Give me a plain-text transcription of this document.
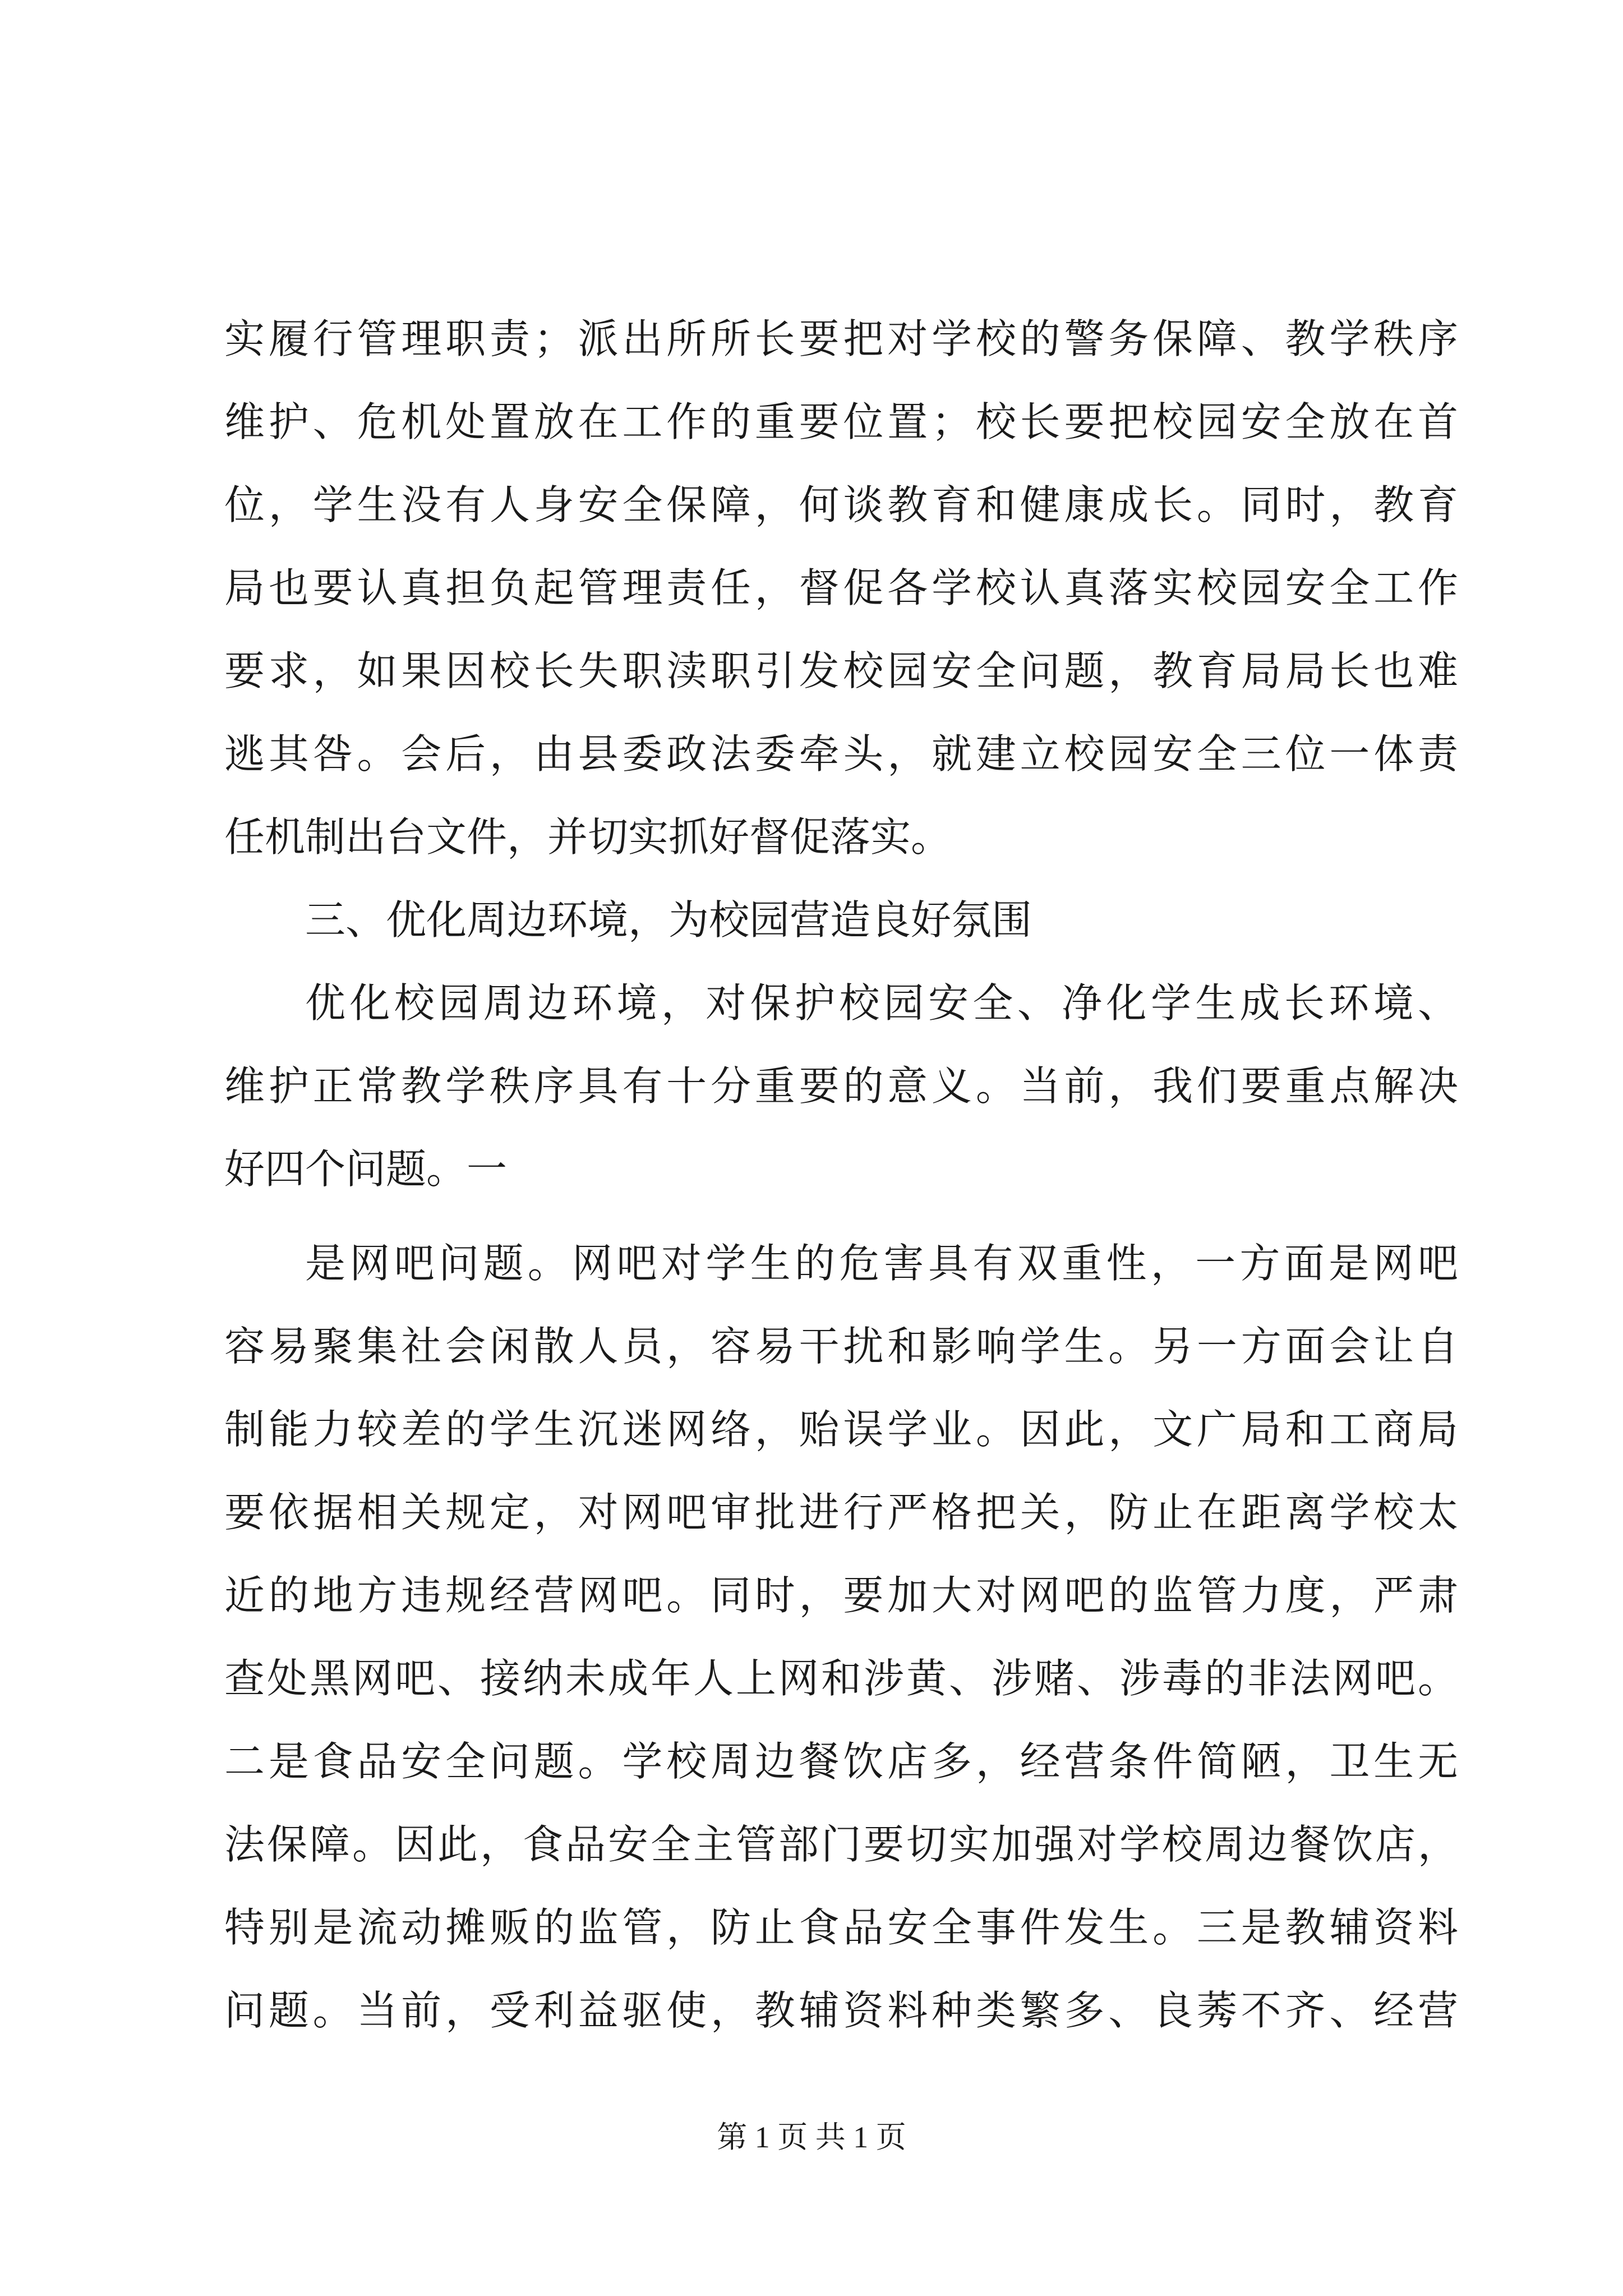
实履行管理职责；派出所所长要把对学校的警务保障、教学秩序
维护、危机处置放在工作的重要位置；校长要把校园安全放在首
位，学生没有人身安全保障，何谈教育和健康成长。同时，教育
局也要认真担负起管理责任，督促各学校认真落实校园安全工作
要求，如果因校长失职渎职引发校园安全问题，教育局局长也难
逃其咎。会后，由县委政法委牵头，就建立校园安全三位一体责
任机制出台文件，并切实抓好督促落实。
三、优化周边环境，为校园营造良好氛围
优化校园周边环境，对保护校园安全、净化学生成长环境、
维护正常教学秩序具有十分重要的意义。当前，我们要重点解决
好四个问题。一
是网吧问题。网吧对学生的危害具有双重性，一方面是网吧
容易聚集社会闲散人员，容易干扰和影响学生。另一方面会让自
制能力较差的学生沉迷网络，贻误学业。因此，文广局和工商局
要依据相关规定，对网吧审批进行严格把关，防止在距离学校太
近的地方违规经营网吧。同时，要加大对网吧的监管力度，严肃
查处黑网吧、接纳未成年人上网和涉黄、涉赌、涉毒的非法网吧。
二是食品安全问题。学校周边餐饮店多，经营条件简陋，卫生无
法保障。因此，食品安全主管部门要切实加强对学校周边餐饮店，
特别是流动摊贩的监管，防止食品安全事件发生。三是教辅资料
问题。当前，受利益驱使，教辅资料种类繁多、良莠不齐、经营
第 1 页 共 1 页
